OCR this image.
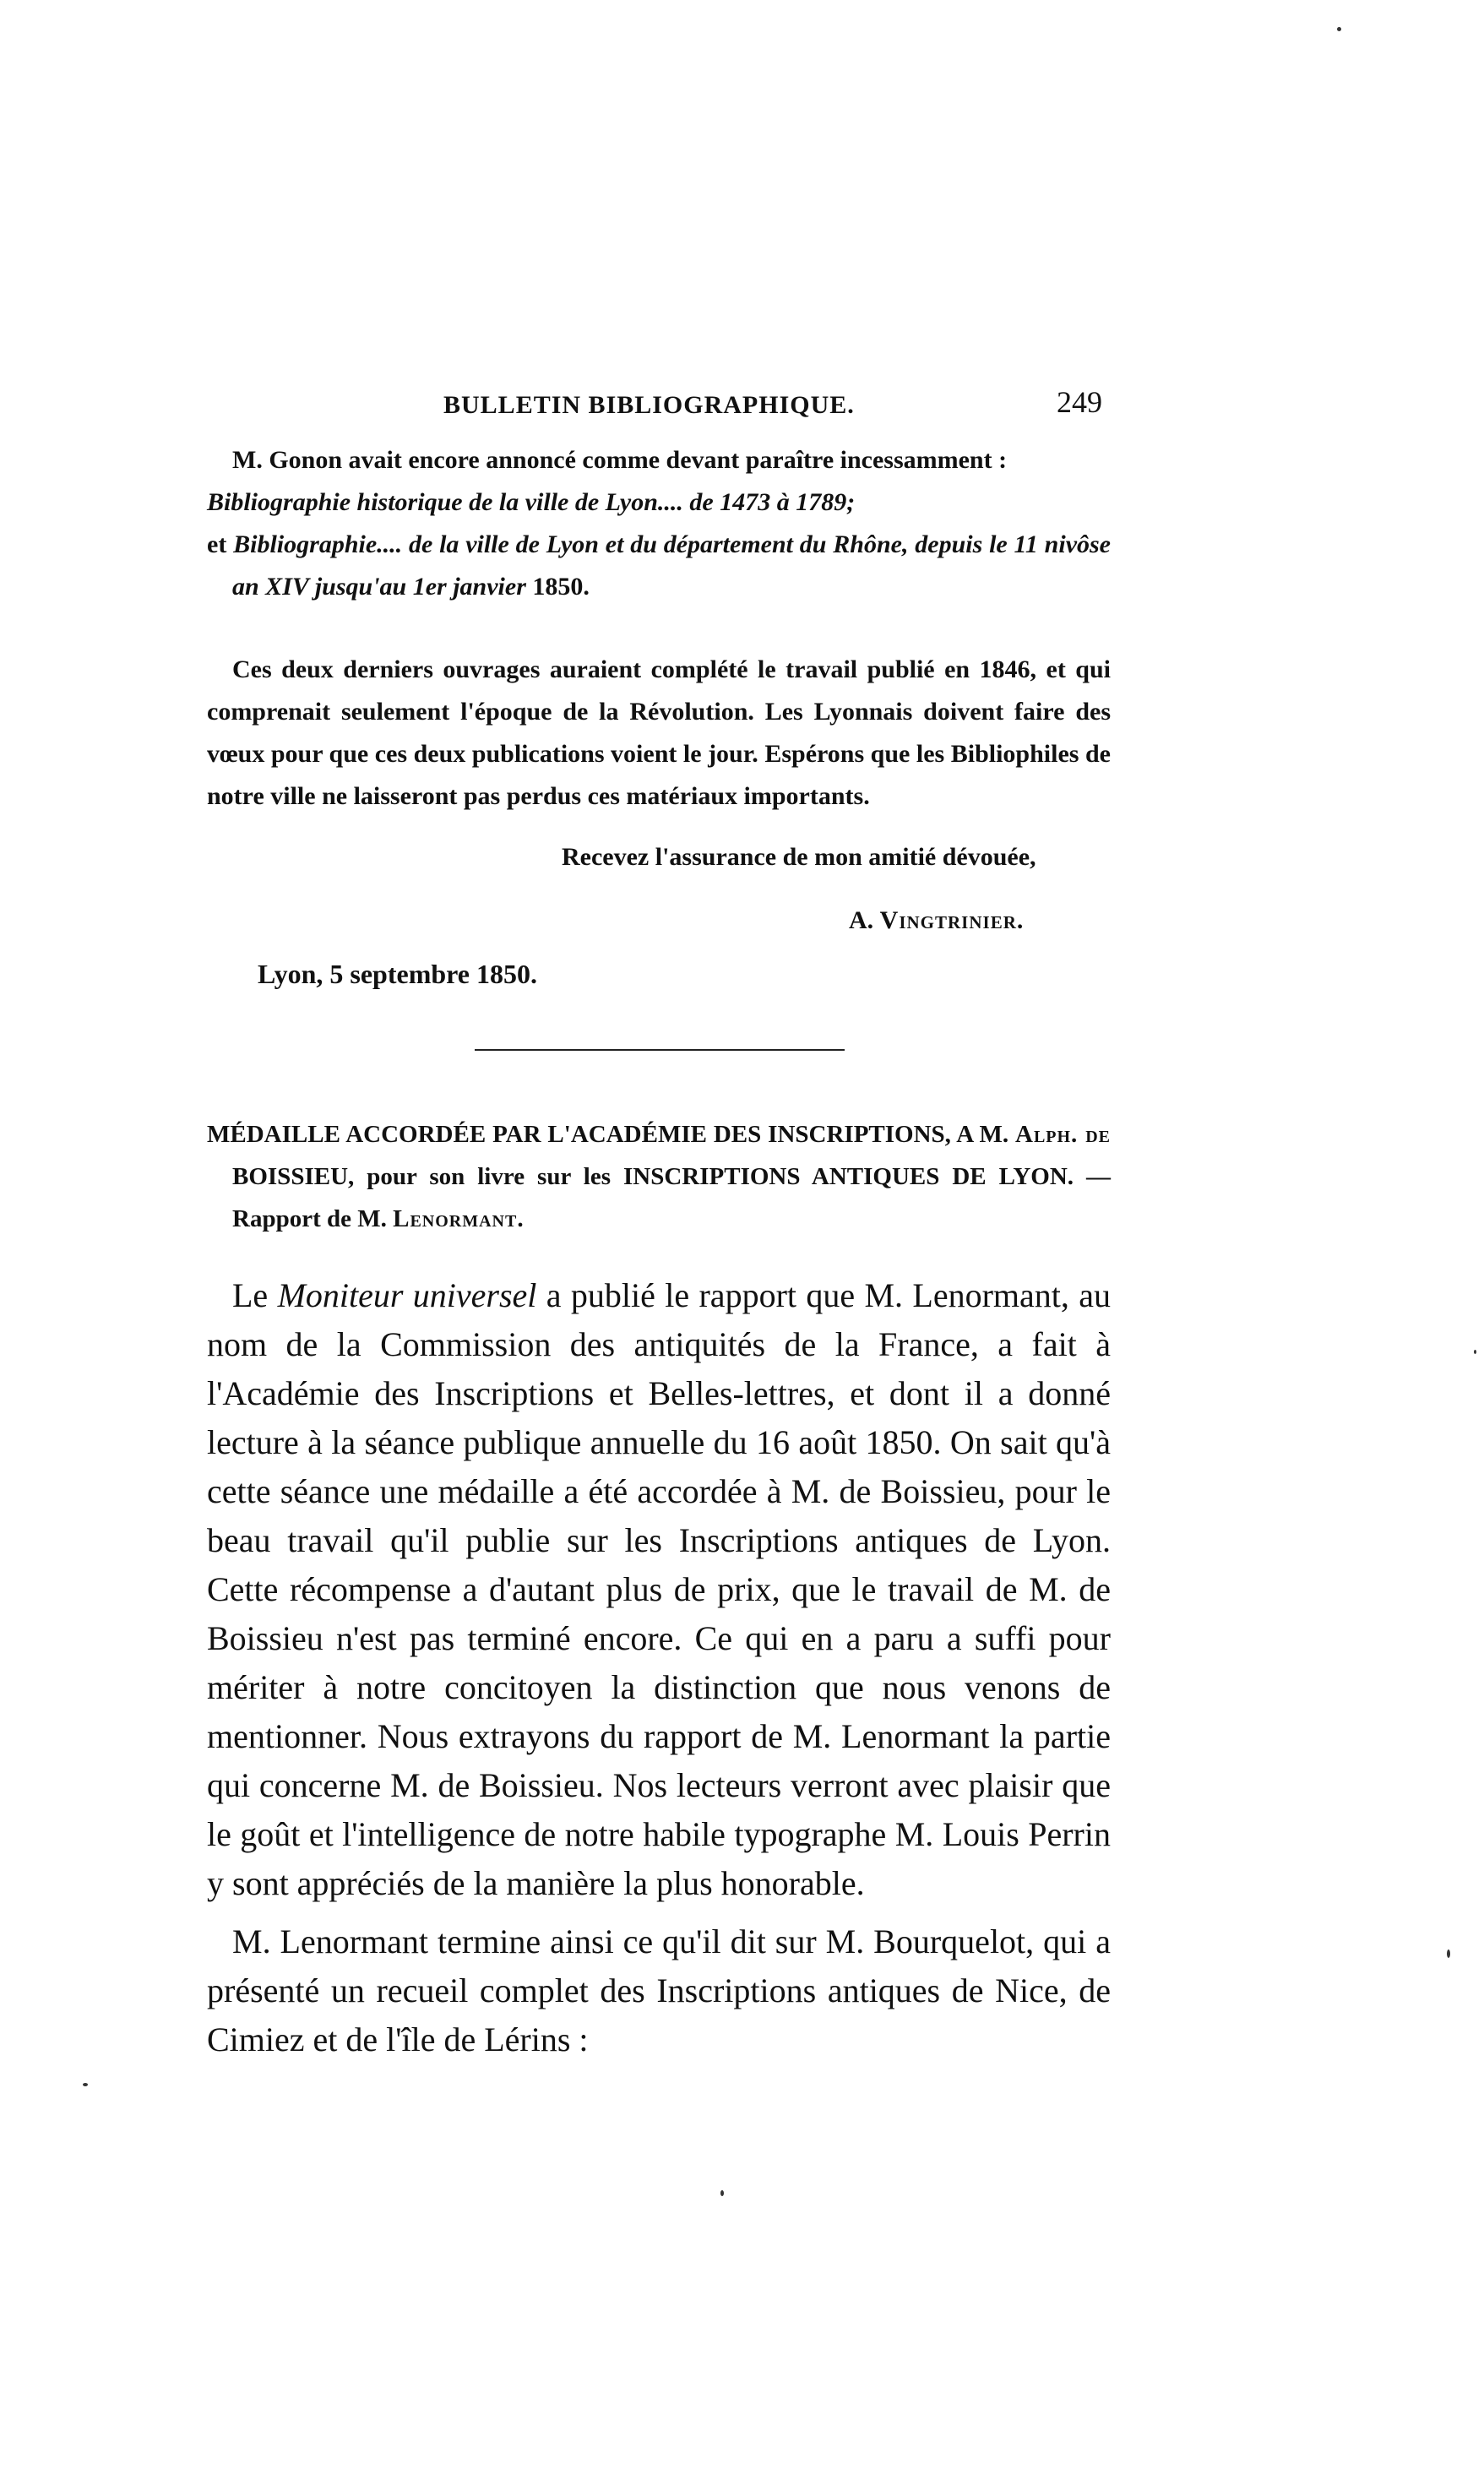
BULLETIN BIBLIOGRAPHIQUE.	249

M. Gonon avait encore annoncé comme devant paraître incessamment :

Bibliographie historique de la ville de Lyon.... de 1473 à 1789;

et Bibliographie.... de la ville de Lyon et du département du Rhône, depuis le 11 nivôse an XIV jusqu'au 1er janvier 1850.

Ces deux derniers ouvrages auraient complété le travail publié en 1846, et qui comprenait seulement l'époque de la Révolution. Les Lyonnais doivent faire des vœux pour que ces deux publications voient le jour. Espérons que les Bibliophiles de notre ville ne laisseront pas perdus ces matériaux importants.

Recevez l'assurance de mon amitié dévouée,
A. Vingtrinier.
Lyon, 5 septembre 1850.

MÉDAILLE ACCORDÉE PAR L'ACADÉMIE DES INSCRIPTIONS, A M. Alph. de BOISSIEU, pour son livre sur les INSCRIPTIONS ANTIQUES DE LYON. — Rapport de M. Lenormant.

Le Moniteur universel a publié le rapport que M. Lenormant, au nom de la Commission des antiquités de la France, a fait à l'Académie des Inscriptions et Belles-lettres, et dont il a donné lecture à la séance publique annuelle du 16 août 1850. On sait qu'à cette séance une médaille a été accordée à M. de Boissieu, pour le beau travail qu'il publie sur les Inscriptions antiques de Lyon. Cette récompense a d'autant plus de prix, que le travail de M. de Boissieu n'est pas terminé encore. Ce qui en a paru a suffi pour mériter à notre concitoyen la distinction que nous venons de mentionner. Nous extrayons du rapport de M. Lenormant la partie qui concerne M. de Boissieu. Nos lecteurs verront avec plaisir que le goût et l'intelligence de notre habile typographe M. Louis Perrin y sont appréciés de la manière la plus honorable.

M. Lenormant termine ainsi ce qu'il dit sur M. Bourquelot, qui a présenté un recueil complet des Inscriptions antiques de Nice, de Cimiez et de l'île de Lérins :
